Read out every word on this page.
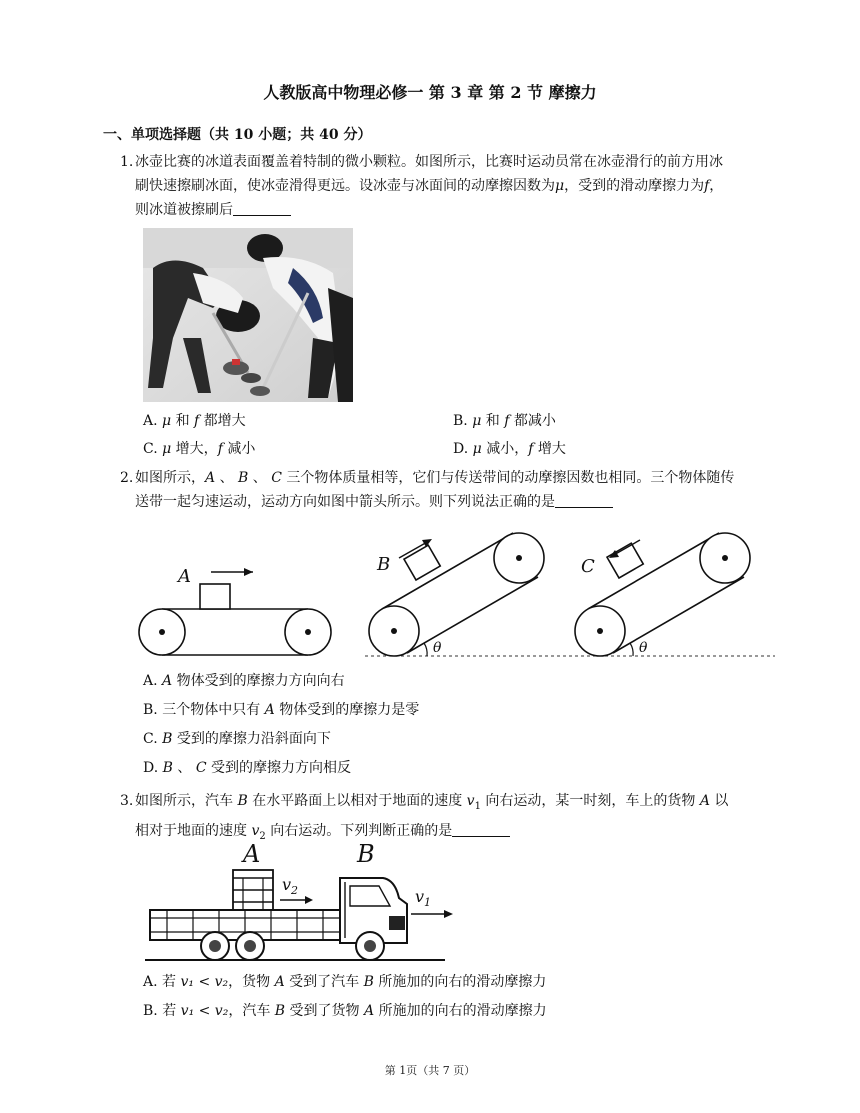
人教版高中物理必修一 第 3 章 第 2 节 摩擦力
一、单项选择题（共 10 小题；共 40 分）
1. 冰壶比赛的冰道表面覆盖着特制的微小颗粒。如图所示，比赛时运动员常在冰壶滑行的前方用冰
刷快速擦刷冰面，使冰壶滑得更远。设冰壶与冰面间的动摩擦因数为μ，受到的滑动摩擦力为f，
则冰道被擦刷后
A. μ 和 f 都增大	B. μ 和 f 都减小
C. μ 增大，f 减小	D. μ 减小，f 增大
2. 如图所示，A 、 B 、 C 三个物体质量相等，它们与传送带间的动摩擦因数也相同。三个物体随传
送带一起匀速运动，运动方向如图中箭头所示。则下列说法正确的是
A
B
θ
C
θ
A. A 物体受到的摩擦力方向向右
B. 三个物体中只有 A 物体受到的摩擦力是零
C. B 受到的摩擦力沿斜面向下
D. B 、 C 受到的摩擦力方向相反
3. 如图所示，汽车 B 在水平路面上以相对于地面的速度 $v_1$ 向右运动，某一时刻，车上的货物 A 以
相对于地面的速度 $v_2$ 向右运动。下列判断正确的是
A	B
$v_2$	$v_1$
A. 若 v₁ < v₂，货物 A 受到了汽车 B 所施加的向右的滑动摩擦力
B. 若 v₁ < v₂，汽车 B 受到了货物 A 所施加的向右的滑动摩擦力
第 1页（共 7 页）
